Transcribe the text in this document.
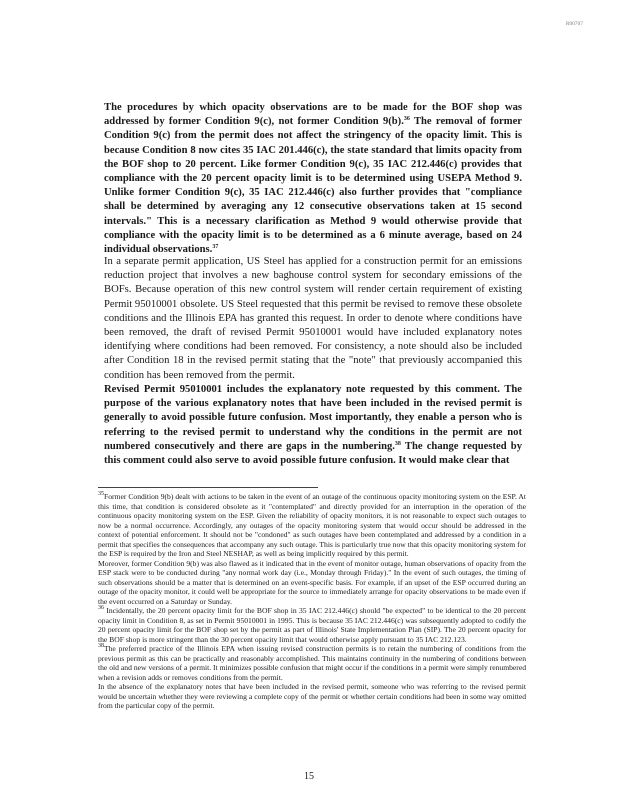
R00707

The procedures by which opacity observations are to be made for the BOF shop was addressed by former Condition 9(c), not former Condition 9(b).$^{36}$ The removal of former Condition 9(c) from the permit does not affect the stringency of the opacity limit. This is because Condition 8 now cites 35 IAC 201.446(c), the state standard that limits opacity from the BOF shop to 20 percent. Like former Condition 9(c), 35 IAC 212.446(c) provides that compliance with the 20 percent opacity limit is to be determined using USEPA Method 9. Unlike former Condition 9(c), 35 IAC 212.446(c) also further provides that "compliance shall be determined by averaging any 12 consecutive observations taken at 15 second intervals." This is a necessary clarification as Method 9 would otherwise provide that compliance with the opacity limit is to be determined as a 6 minute average, based on 24 individual observations.$^{37}$

In a separate permit application, US Steel has applied for a construction permit for an emissions reduction project that involves a new baghouse control system for secondary emissions of the BOFs. Because operation of this new control system will render certain requirement of existing Permit 95010001 obsolete. US Steel requested that this permit be revised to remove these obsolete conditions and the Illinois EPA has granted this request. In order to denote where conditions have been removed, the draft of revised Permit 95010001 would have included explanatory notes identifying where conditions had been removed. For consistency, a note should also be included after Condition 18 in the revised permit stating that the "note" that previously accompanied this condition has been removed from the permit.

Revised Permit 95010001 includes the explanatory note requested by this comment. The purpose of the various explanatory notes that have been included in the revised permit is generally to avoid possible future confusion. Most importantly, they enable a person who is referring to the revised permit to understand why the conditions in the permit are not numbered consecutively and there are gaps in the numbering.$^{38}$ The change requested by this comment could also serve to avoid possible future confusion. It would make clear that

$^{35}$Former Condition 9(b) dealt with actions to be taken in the event of an outage of the continuous opacity monitoring system on the ESP. At this time, that condition is considered obsolete as it "contemplated" and directly provided for an interruption in the operation of the continuous opacity monitoring system on the ESP. Given the reliability of opacity monitors, it is not reasonable to expect such outages to now be a normal occurrence. Accordingly, any outages of the opacity monitoring system that would occur should be addressed in the context of potential enforcement. It should not be "condoned" as such outages have been contemplated and addressed by a condition in a permit that specifies the consequences that accompany any such outage. This is particularly true now that this opacity monitoring system for the ESP is required by the Iron and Steel NESHAP, as well as being implicitly required by this permit.

Moreover, former Condition 9(b) was also flawed as it indicated that in the event of monitor outage, human observations of opacity from the ESP stack were to be conducted during "any normal work day (i.e., Monday through Friday)." In the event of such outages, the timing of such observations should be a matter that is determined on an event-specific basis. For example, if an upset of the ESP occurred during an outage of the opacity monitor, it could well be appropriate for the source to immediately arrange for opacity observations to be made even if the event occurred on a Saturday or Sunday.

$^{36}$ Incidentally, the 20 percent opacity limit for the BOF shop in 35 IAC 212.446(c) should "be expected" to be identical to the 20 percent opacity limit in Condition 8, as set in Permit 95010001 in 1995. This is because 35 IAC 212.446(c) was subsequently adopted to codify the 20 percent opacity limit for the BOF shop set by the permit as part of Illinois' State Implementation Plan (SIP). The 20 percent opacity for the BOF shop is more stringent than the 30 percent opacity limit that would otherwise apply pursuant to 35 IAC 212.123.

$^{38}$The preferred practice of the Illinois EPA when issuing revised construction permits is to retain the numbering of conditions from the previous permit as this can be practically and reasonably accomplished. This maintains continuity in the numbering of conditions between the old and new versions of a permit. It minimizes possible confusion that might occur if the conditions in a permit were simply renumbered when a revision adds or removes conditions from the permit.

In the absence of the explanatory notes that have been included in the revised permit, someone who was referring to the revised permit would be uncertain whether they were reviewing a complete copy of the permit or whether certain conditions had been in some way omitted from the particular copy of the permit.

15
